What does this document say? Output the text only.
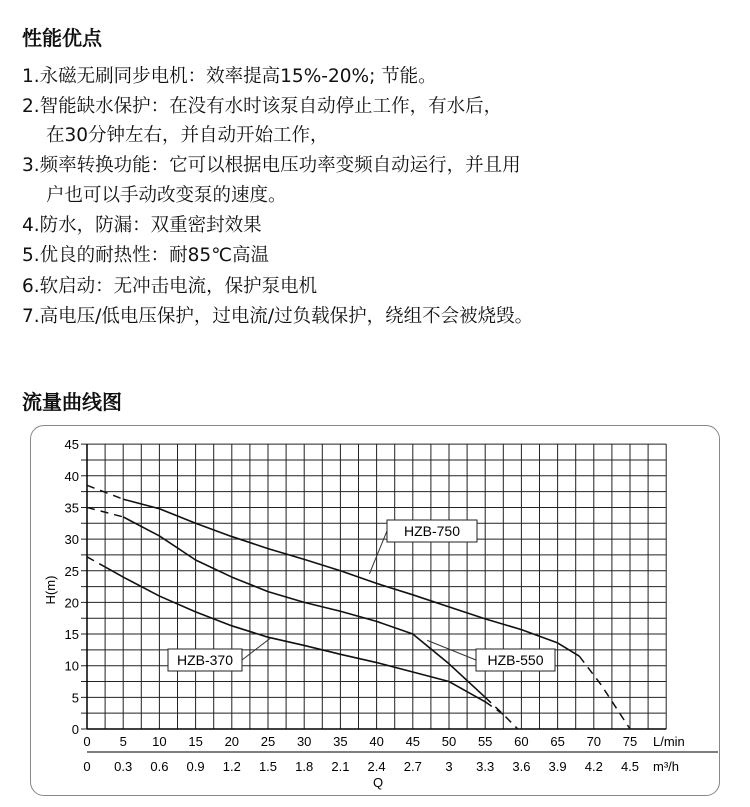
性能优点
1.永磁无刷同步电机：效率提高15%-20%; 节能。
2.智能缺水保护：在没有水时该泵自动停止工作，有水后，
在30分钟左右，并自动开始工作，
3.频率转换功能：它可以根据电压功率变频自动运行，并且用
户也可以手动改变泵的速度。
4.防水，防漏：双重密封效果
5.优良的耐热性：耐85℃高温
6.软启动：无冲击电流，保护泵电机
7.高电压/低电压保护，过电流/过负载保护，绕组不会被烧毁。
流量曲线图
0
5
10
15
20
25
30
35
40
45
0 5 10 15 20 25 30 35 40 45 50 55 60 65 70 75
0 0.3 0.6 0.9 1.2 1.5 1.8 2.1 2.4 2.7 3 3.3 3.6 3.9 4.2 4.5
L/min
m³/h
Q
H(m)
HZB-750
HZB-550
HZB-370
